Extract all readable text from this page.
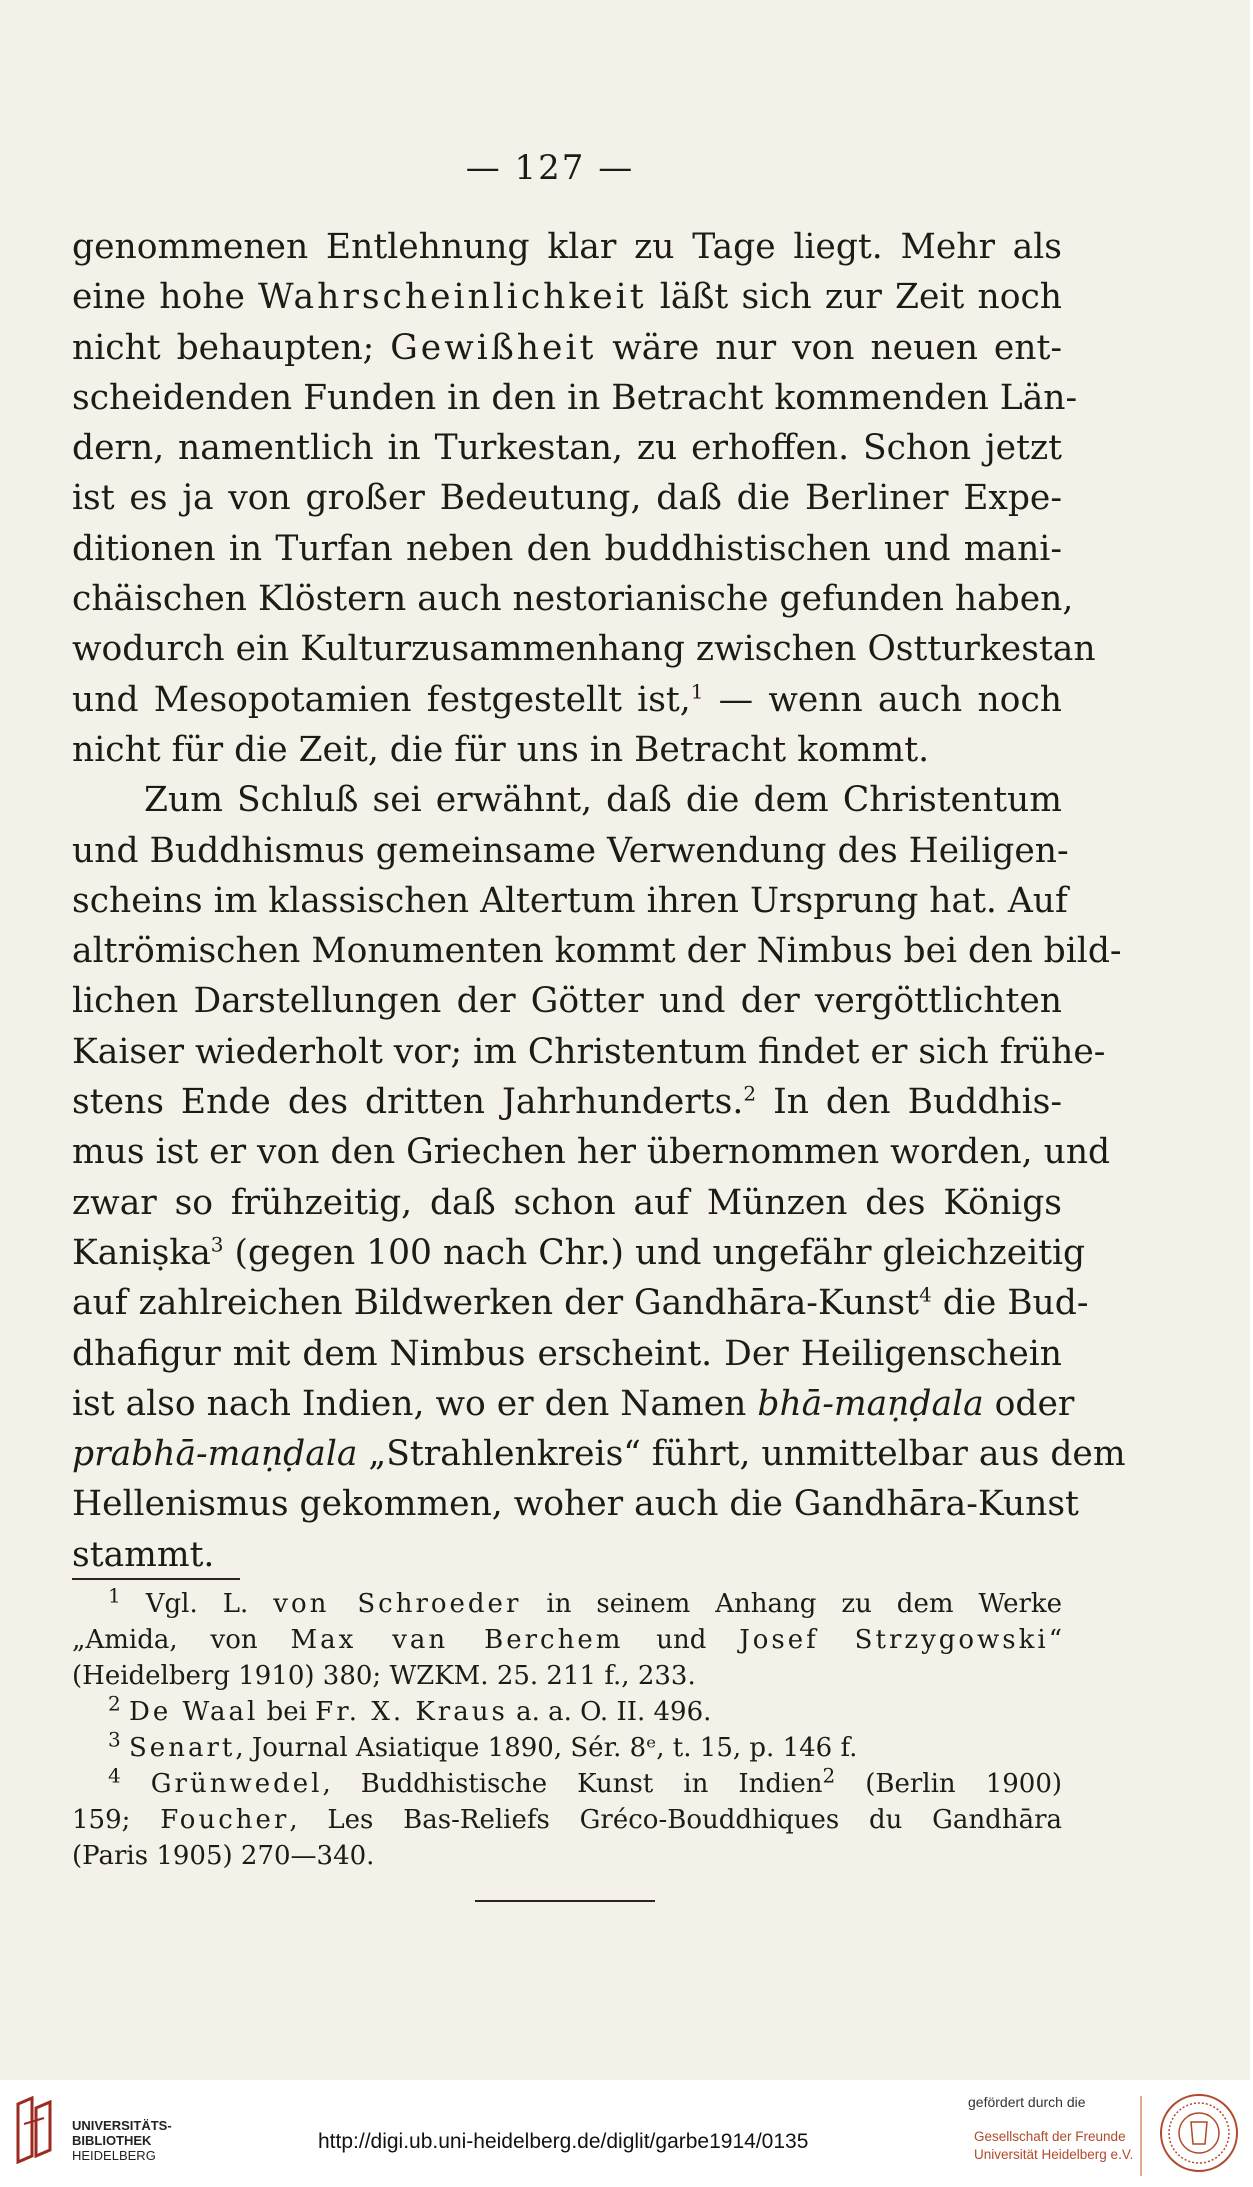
— 127 —
genommenen Entlehnung klar zu Tage liegt. Mehr als
eine hohe Wahrscheinlichkeit läßt sich zur Zeit noch
nicht behaupten; Gewißheit wäre nur von neuen ent-
scheidenden Funden in den in Betracht kommenden Län-
dern, namentlich in Turkestan, zu erhoffen. Schon jetzt
ist es ja von großer Bedeutung, daß die Berliner Expe-
ditionen in Turfan neben den buddhistischen und mani-
chäischen Klöstern auch nestorianische gefunden haben,
wodurch ein Kulturzusammenhang zwischen Ostturkestan
und Mesopotamien festgestellt ist,$^1$ — wenn auch noch
nicht für die Zeit, die für uns in Betracht kommt.
Zum Schluß sei erwähnt, daß die dem Christentum
und Buddhismus gemeinsame Verwendung des Heiligen-
scheins im klassischen Altertum ihren Ursprung hat. Auf
altrömischen Monumenten kommt der Nimbus bei den bild-
lichen Darstellungen der Götter und der vergöttlichten
Kaiser wiederholt vor; im Christentum findet er sich frühe-
stens Ende des dritten Jahrhunderts.$^2$ In den Buddhis-
mus ist er von den Griechen her übernommen worden, und
zwar so frühzeitig, daß schon auf Münzen des Königs
Kaniṣka$^3$ (gegen 100 nach Chr.) und ungefähr gleichzeitig
auf zahlreichen Bildwerken der Gandhāra-Kunst$^4$ die Bud-
dhafigur mit dem Nimbus erscheint. Der Heiligenschein
ist also nach Indien, wo er den Namen bhā-maṇḍala oder
prabhā-maṇḍala „Strahlenkreis“ führt, unmittelbar aus dem
Hellenismus gekommen, woher auch die Gandhāra-Kunst
stammt.
$^1$ Vgl. L. von Schroeder in seinem Anhang zu dem Werke
„Amida, von Max van Berchem und Josef Strzygowski“
(Heidelberg 1910) 380; WZKM. 25. 211 f., 233.
$^2$ De Waal bei Fr. X. Kraus a. a. O. II. 496.
$^3$ Senart, Journal Asiatique 1890, Sér. 8ᵉ, t. 15, p. 146 f.
$^4$ Grünwedel, Buddhistische Kunst in Indien$^2$ (Berlin 1900)
159; Foucher, Les Bas-Reliefs Gréco-Bouddhiques du Gandhāra
(Paris 1905) 270—340.
UNIVERSITÄTS-
BIBLIOTHEK
HEIDELBERG
http://digi.ub.uni-heidelberg.de/diglit/garbe1914/0135
gefördert durch die
Gesellschaft der Freunde
Universität Heidelberg e.V.
